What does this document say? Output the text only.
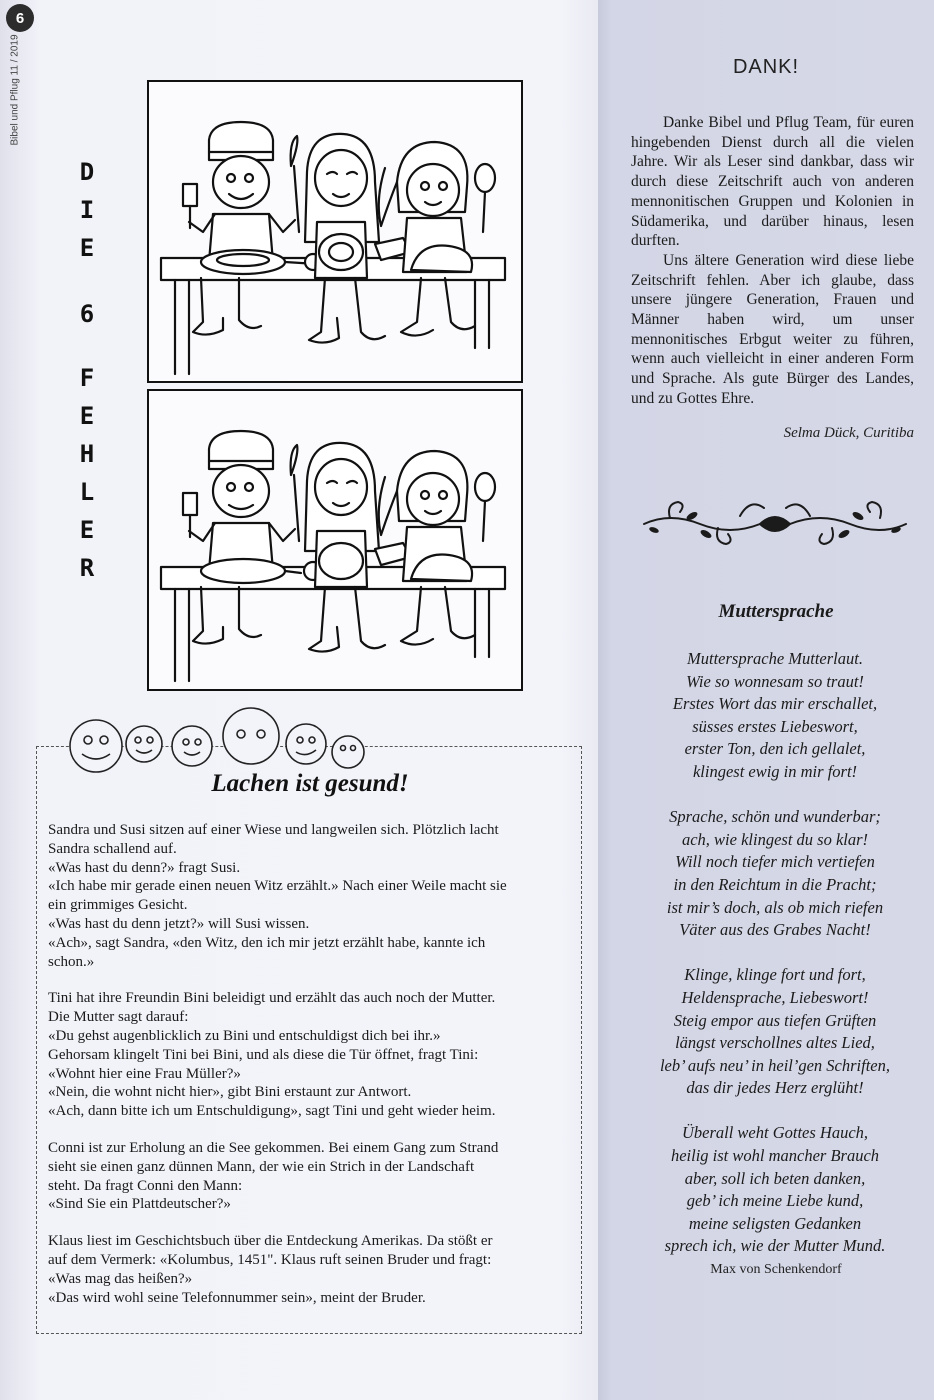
6
Bibel und Pflug 11 / 2019
D
I
E
6
F
E
H
L
E
R
Lachen ist gesund!

Sandra und Susi sitzen auf einer Wiese und langweilen sich. Plötzlich lacht
Sandra schallend auf.
«Was hast du denn?» fragt Susi.
«Ich habe mir gerade einen neuen Witz erzählt.» Nach einer Weile macht sie
ein grimmiges Gesicht.
«Was hast du denn jetzt?» will Susi wissen.
«Ach», sagt Sandra, «den Witz, den ich mir jetzt erzählt habe, kannte ich
schon.»

Tini hat ihre Freundin Bini beleidigt und erzählt das auch noch der Mutter.
Die Mutter sagt darauf:
«Du gehst augenblicklich zu Bini und entschuldigst dich bei ihr.»
Gehorsam klingelt Tini bei Bini, und als diese die Tür öffnet, fragt Tini:
«Wohnt hier eine Frau Müller?»
«Nein, die wohnt nicht hier», gibt Bini erstaunt zur Antwort.
«Ach, dann bitte ich um Entschuldigung», sagt Tini und geht wieder heim.

Conni ist zur Erholung an die See gekommen. Bei einem Gang zum Strand
sieht sie einen ganz dünnen Mann, der wie ein Strich in der Landschaft
steht. Da fragt Conni den Mann:
«Sind Sie ein Plattdeutscher?»

Klaus liest im Geschichtsbuch über die Entdeckung Amerikas. Da stößt er
auf dem Vermerk: «Kolumbus, 1451". Klaus ruft seinen Bruder und fragt:
«Was mag das heißen?»
«Das wird wohl seine Telefonnummer sein», meint der Bruder.

DANK!

Danke Bibel und Pflug Team, für euren hingebenden Dienst durch all die vielen Jahre. Wir als Leser sind dankbar, dass wir durch diese Zeitschrift auch von anderen mennonitischen Gruppen und Kolonien in Südamerika, und darüber hinaus, lesen durften.

Uns ältere Generation wird diese liebe Zeitschrift fehlen. Aber ich glaube, dass unsere jüngere Generation, Frauen und Männer haben wird, um unser mennonitisches Erbgut weiter zu führen, wenn auch vielleicht in einer anderen Form und Sprache. Als gute Bürger des Landes, und zu Gottes Ehre.

Selma Dück, Curitiba
Muttersprache
Muttersprache Mutterlaut.
Wie so wonnesam so traut!
Erstes Wort das mir erschallet,
süsses erstes Liebeswort,
erster Ton, den ich gellalet,
klingest ewig in mir fort!
Sprache, schön und wunderbar;
ach, wie klingest du so klar!
Will noch tiefer mich vertiefen
in den Reichtum in die Pracht;
ist mir’s doch, als ob mich riefen
Väter aus des Grabes Nacht!
Klinge, klinge fort und fort,
Heldensprache, Liebeswort!
Steig empor aus tiefen Grüften
längst verschollnes altes Lied,
leb’ aufs neu’ in heil’gen Schriften,
das dir jedes Herz erglüht!
Überall weht Gottes Hauch,
heilig ist wohl mancher Brauch
aber, soll ich beten danken,
geb’ ich meine Liebe kund,
meine seligsten Gedanken
sprech ich, wie der Mutter Mund.
Max von Schenkendorf
